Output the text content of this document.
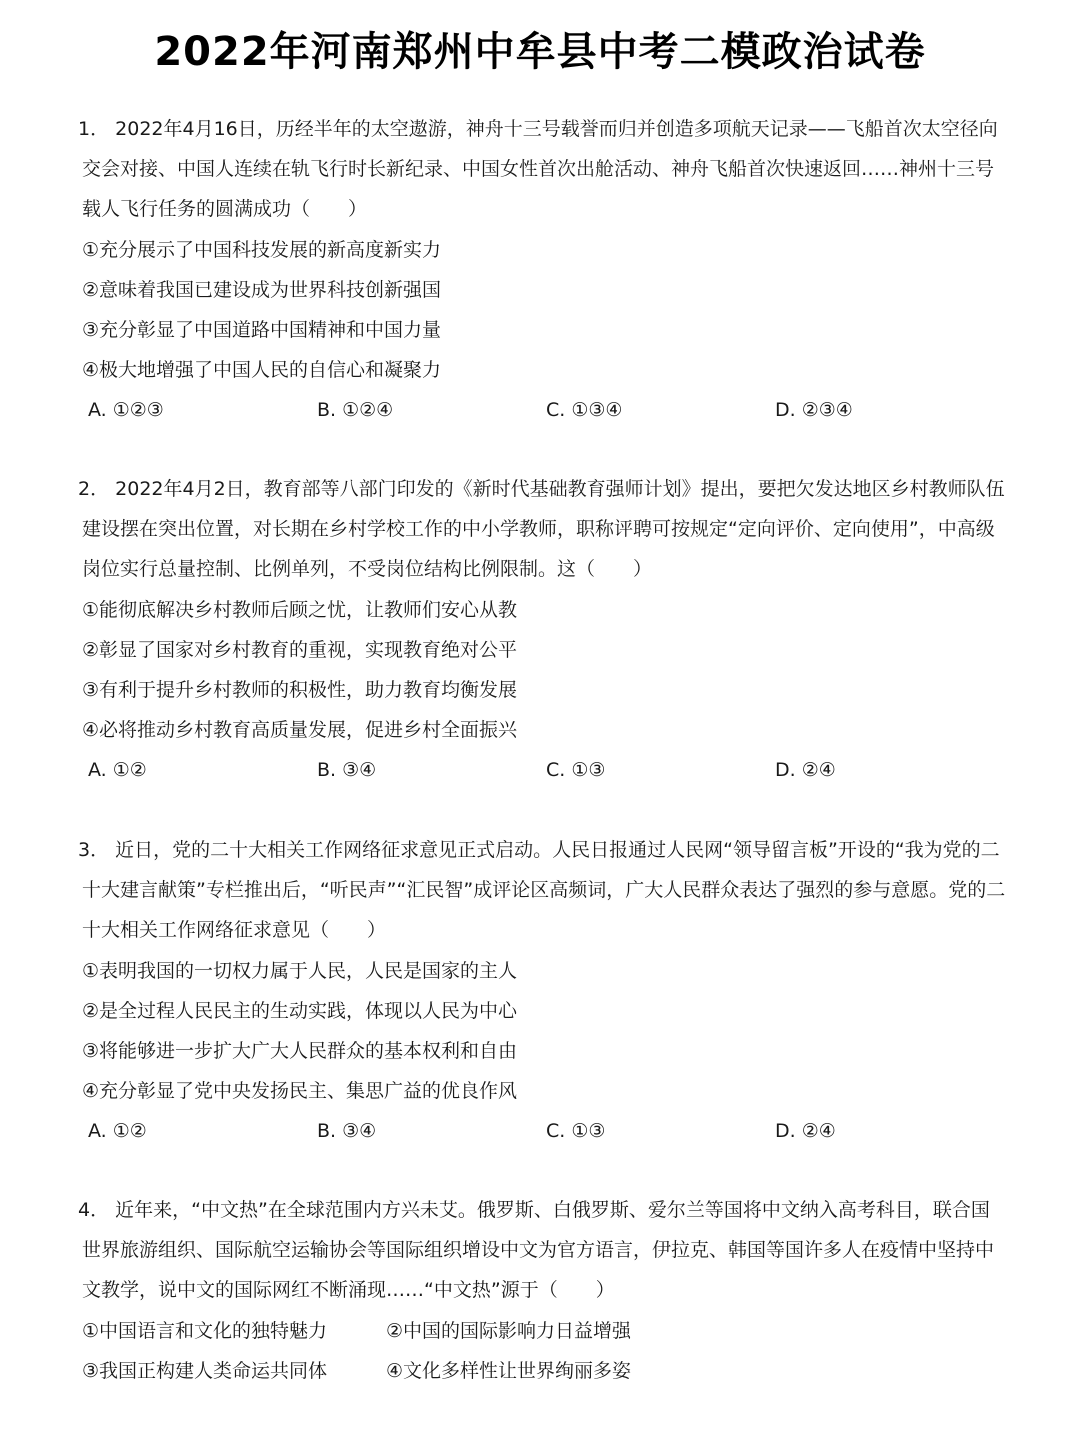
2022年河南郑州中牟县中考二模政治试卷
1． 2022年4月16日，历经半年的太空遨游，神舟十三号载誉而归并创造多项航天记录——飞船首次太空径向交会对接、中国人连续在轨飞行时长新纪录、中国女性首次出舱活动、神舟飞船首次快速返回……神州十三号载人飞行任务的圆满成功（　　）
①充分展示了中国科技发展的新高度新实力
②意味着我国已建设成为世界科技创新强国
③充分彰显了中国道路中国精神和中国力量
④极大地增强了中国人民的自信心和凝聚力
A. ①②③	B. ①②④	C. ①③④	D. ②③④
2． 2022年4月2日，教育部等八部门印发的《新时代基础教育强师计划》提出，要把欠发达地区乡村教师队伍建设摆在突出位置，对长期在乡村学校工作的中小学教师，职称评聘可按规定“定向评价、定向使用”，中高级岗位实行总量控制、比例单列，不受岗位结构比例限制。这（　　）
①能彻底解决乡村教师后顾之忧，让教师们安心从教
②彰显了国家对乡村教育的重视，实现教育绝对公平
③有利于提升乡村教师的积极性，助力教育均衡发展
④必将推动乡村教育高质量发展，促进乡村全面振兴
A. ①②	B. ③④	C. ①③	D. ②④
3． 近日，党的二十大相关工作网络征求意见正式启动。人民日报通过人民网“领导留言板”开设的“我为党的二十大建言献策”专栏推出后，“听民声”“汇民智”成评论区高频词，广大人民群众表达了强烈的参与意愿。党的二十大相关工作网络征求意见（　　）
①表明我国的一切权力属于人民，人民是国家的主人
②是全过程人民民主的生动实践，体现以人民为中心
③将能够进一步扩大广大人民群众的基本权利和自由
④充分彰显了党中央发扬民主、集思广益的优良作风
A. ①②	B. ③④	C. ①③	D. ②④
4． 近年来，“中文热”在全球范围内方兴未艾。俄罗斯、白俄罗斯、爱尔兰等国将中文纳入高考科目，联合国世界旅游组织、国际航空运输协会等国际组织增设中文为官方语言，伊拉克、韩国等国许多人在疫情中坚持中文教学，说中文的国际网红不断涌现……“中文热”源于（　　）
①中国语言和文化的独特魅力	②中国的国际影响力日益增强
③我国正构建人类命运共同体	④文化多样性让世界绚丽多姿
